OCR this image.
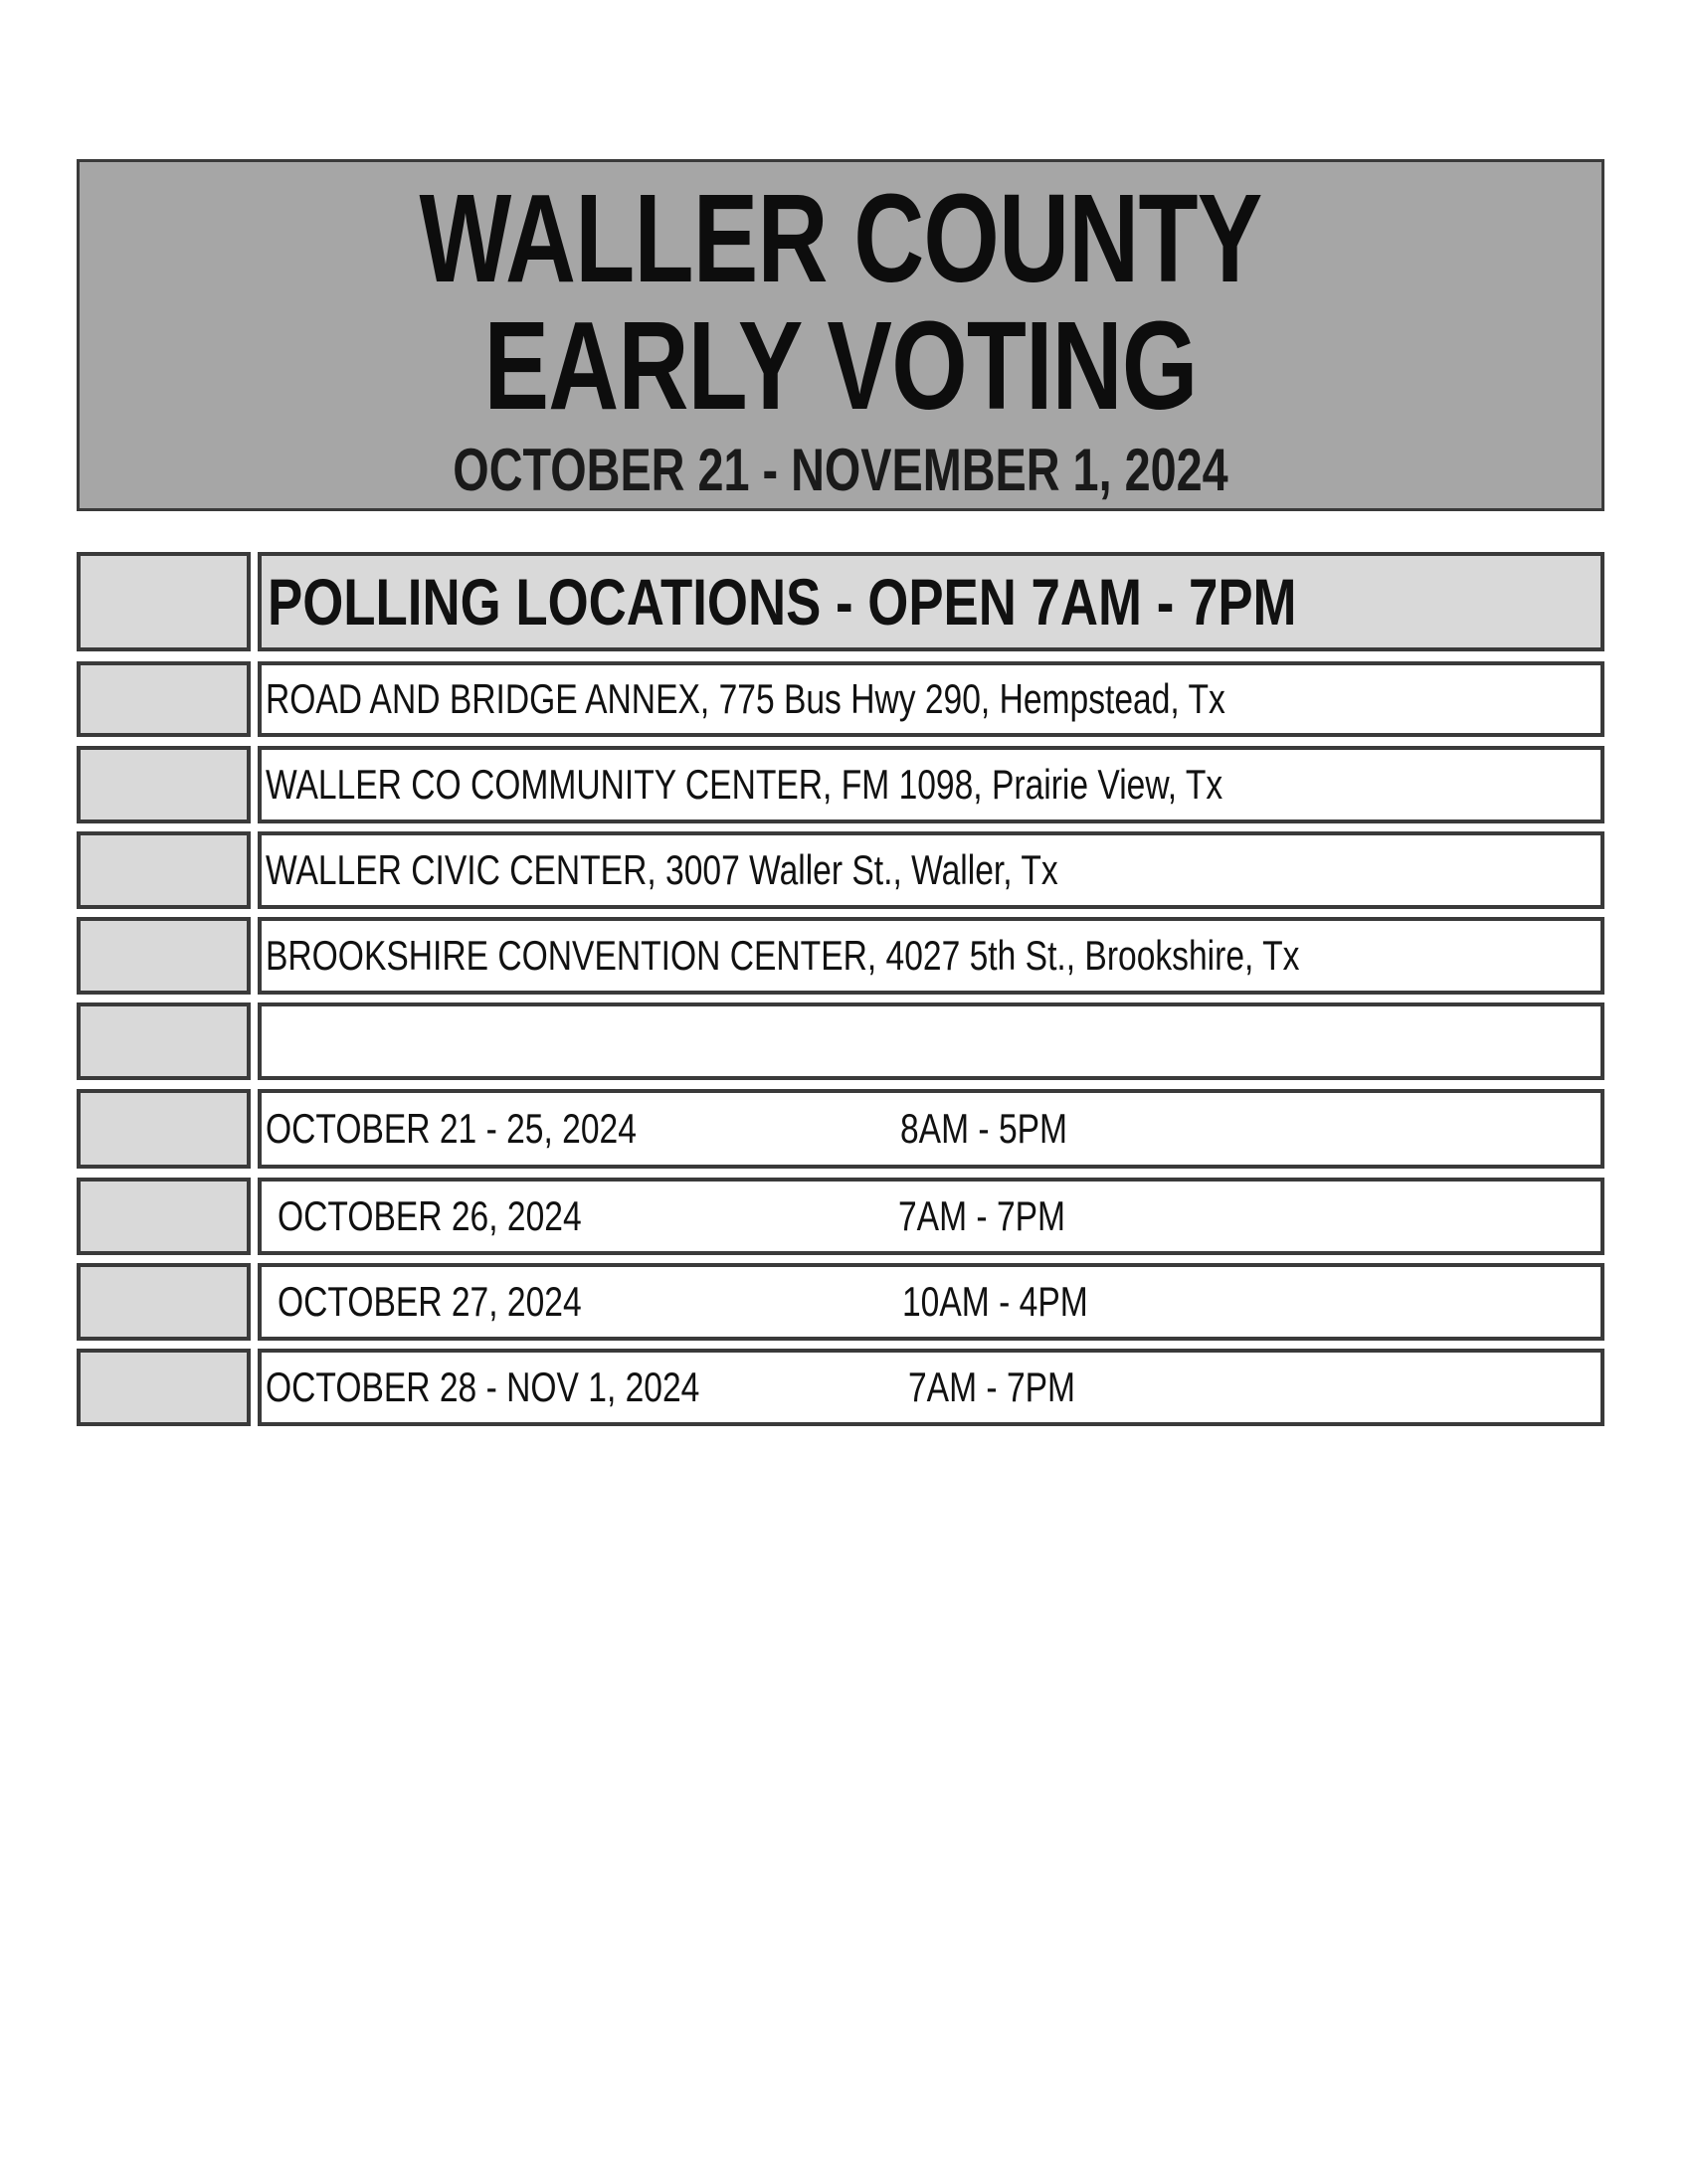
WALLER COUNTY
EARLY VOTING
OCTOBER 21 - NOVEMBER 1, 2024
POLLING LOCATIONS - OPEN 7AM - 7PM
ROAD AND BRIDGE ANNEX, 775 Bus Hwy 290, Hempstead, Tx
WALLER CO COMMUNITY CENTER, FM 1098, Prairie View, Tx
WALLER CIVIC CENTER, 3007 Waller St., Waller, Tx
BROOKSHIRE CONVENTION CENTER, 4027 5th St., Brookshire, Tx
OCTOBER 21 - 25, 2024	8AM - 5PM
OCTOBER 26, 2024	7AM - 7PM
OCTOBER 27, 2024	10AM - 4PM
OCTOBER 28 - NOV 1, 2024	7AM - 7PM
